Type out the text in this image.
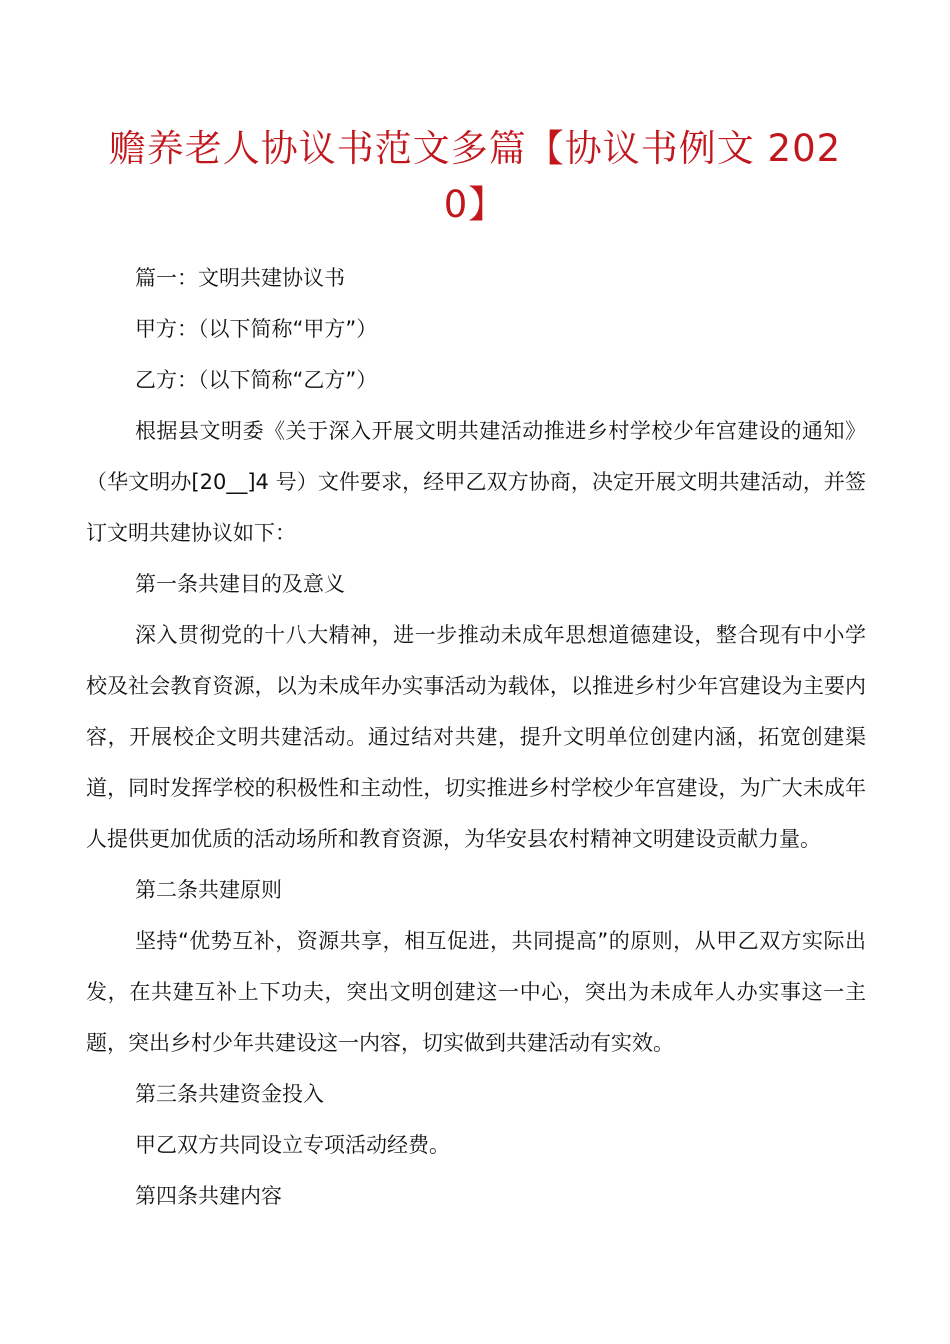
赡养老人协议书范文多篇【协议书例文 202
0】

篇一：文明共建协议书

甲方：（以下简称“甲方”）

乙方：（以下简称“乙方”）

根据县文明委《关于深入开展文明共建活动推进乡村学校少年宫建设的通知》（华文明办[20__]4 号）文件要求，经甲乙双方协商，决定开展文明共建活动，并签订文明共建协议如下：

第一条共建目的及意义

深入贯彻党的十八大精神，进一步推动未成年思想道德建设，整合现有中小学校及社会教育资源，以为未成年办实事活动为载体，以推进乡村少年宫建设为主要内容，开展校企文明共建活动。通过结对共建，提升文明单位创建内涵，拓宽创建渠道，同时发挥学校的积极性和主动性，切实推进乡村学校少年宫建设，为广大未成年人提供更加优质的活动场所和教育资源，为华安县农村精神文明建设贡献力量。

第二条共建原则

坚持“优势互补，资源共享，相互促进，共同提高”的原则，从甲乙双方实际出发，在共建互补上下功夫，突出文明创建这一中心，突出为未成年人办实事这一主题，突出乡村少年共建设这一内容，切实做到共建活动有实效。

第三条共建资金投入

甲乙双方共同设立专项活动经费。

第四条共建内容
